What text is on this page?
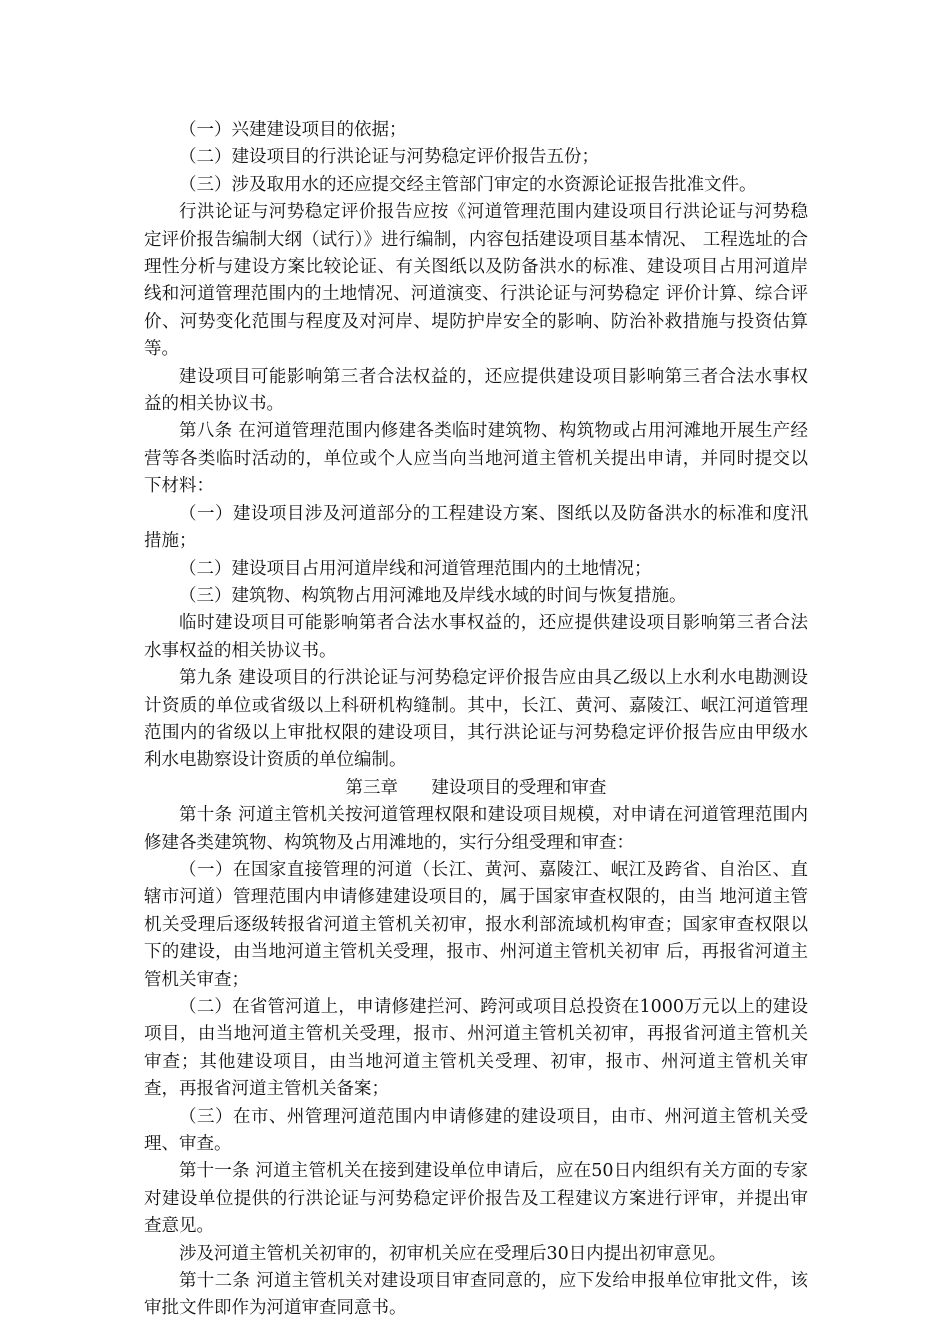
（一）兴建建设项目的依据；

（二）建设项目的行洪论证与河势稳定评价报告五份；

（三）涉及取用水的还应提交经主管部门审定的水资源论证报告批准文件。

行洪论证与河势稳定评价报告应按《河道管理范围内建设项目行洪论证与河势稳定评价报告编制大纲（试行）》进行编制，内容包括建设项目基本情况、 工程选址的合理性分析与建设方案比较论证、有关图纸以及防备洪水的标准、建设项目占用河道岸线和河道管理范围内的土地情况、河道演变、行洪论证与河势稳定 评价计算、综合评价、河势变化范围与程度及对河岸、堤防护岸安全的影响、防治补救措施与投资估算等。

建设项目可能影响第三者合法权益的，还应提供建设项目影响第三者合法水事权益的相关协议书。

第八条 在河道管理范围内修建各类临时建筑物、构筑物或占用河滩地开展生产经营等各类临时活动的，单位或个人应当向当地河道主管机关提出申请，并同时提交以下材料：

（一）建设项目涉及河道部分的工程建设方案、图纸以及防备洪水的标准和度汛措施；

（二）建设项目占用河道岸线和河道管理范围内的土地情况；

（三）建筑物、构筑物占用河滩地及岸线水域的时间与恢复措施。

临时建设项目可能影响第者合法水事权益的，还应提供建设项目影响第三者合法水事权益的相关协议书。

第九条 建设项目的行洪论证与河势稳定评价报告应由具乙级以上水利水电勘测设计资质的单位或省级以上科研机构缝制。其中，长江、黄河、嘉陵江、岷江河道管理范围内的省级以上审批权限的建设项目，其行洪论证与河势稳定评价报告应由甲级水利水电勘察设计资质的单位编制。

第三章      建设项目的受理和审查

第十条 河道主管机关按河道管理权限和建设项目规模，对申请在河道管理范围内修建各类建筑物、构筑物及占用滩地的，实行分组受理和审查：

（一）在国家直接管理的河道（长江、黄河、嘉陵江、岷江及跨省、自治区、直辖市河道）管理范围内申请修建建设项目的，属于国家审查权限的，由当 地河道主管机关受理后逐级转报省河道主管机关初审，报水利部流域机构审查；国家审查权限以下的建设，由当地河道主管机关受理，报市、州河道主管机关初审 后，再报省河道主管机关审查；

（二）在省管河道上，申请修建拦河、跨河或项目总投资在1000万元以上的建设项目，由当地河道主管机关受理，报市、州河道主管机关初审，再报省河道主管机关审查；其他建设项目，由当地河道主管机关受理、初审，报市、州河道主管机关审查，再报省河道主管机关备案；

（三）在市、州管理河道范围内申请修建的建设项目，由市、州河道主管机关受理、审查。

第十一条 河道主管机关在接到建设单位申请后，应在50日内组织有关方面的专家对建设单位提供的行洪论证与河势稳定评价报告及工程建议方案进行评审，并提出审查意见。

涉及河道主管机关初审的，初审机关应在受理后30日内提出初审意见。

第十二条 河道主管机关对建设项目审查同意的，应下发给申报单位审批文件，该审批文件即作为河道审查同意书。
